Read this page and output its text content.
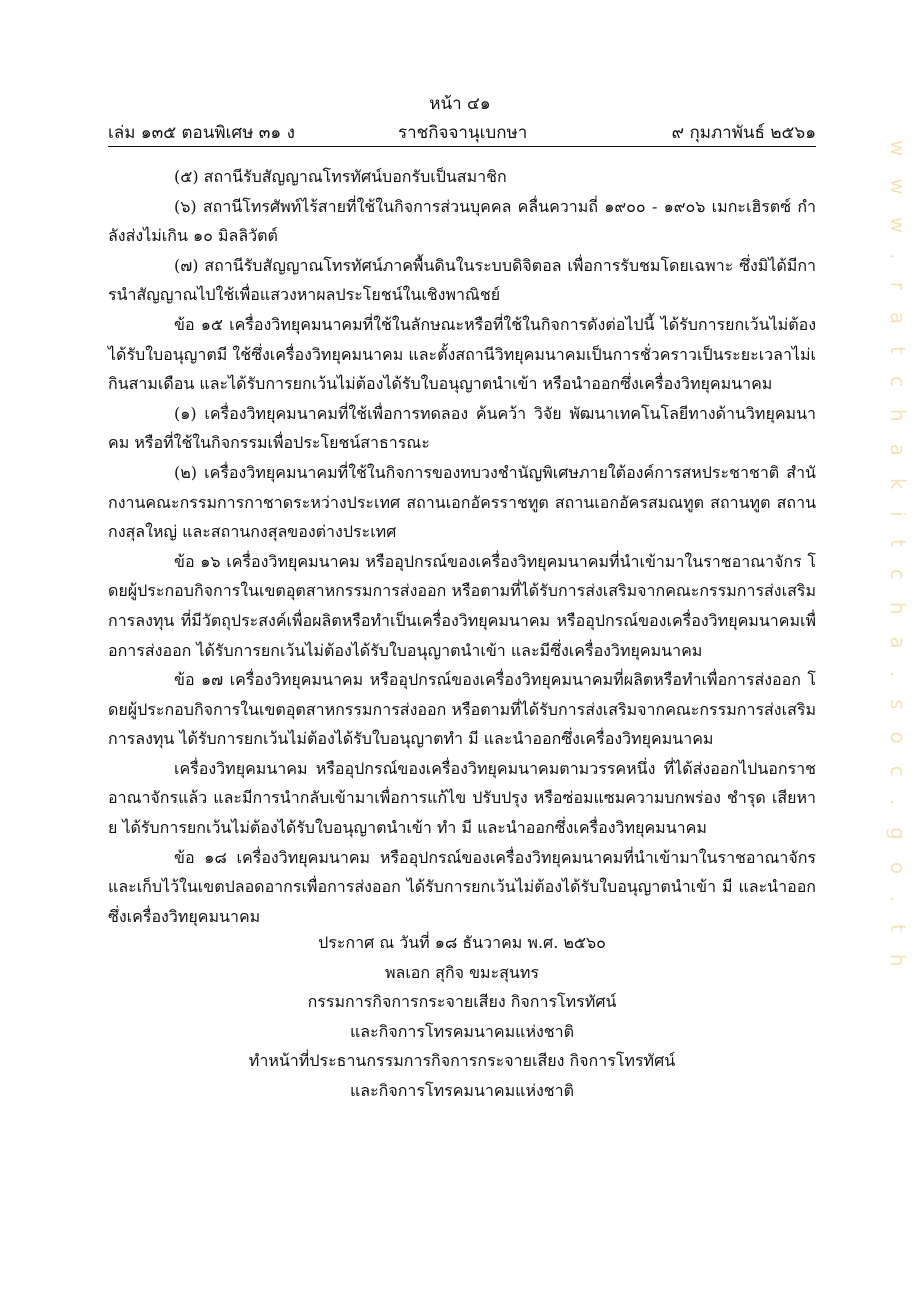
หน้า ๔๑
เล่ม ๑๓๕ ตอนพิเศษ ๓๑ ง	ราชกิจจานุเบกษา	๙ กุมภาพันธ์ ๒๕๖๑

(๕) สถานีรับสัญญาณโทรทัศน์บอกรับเป็นสมาชิก

(๖) สถานีโทรศัพท์ไร้สายที่ใช้ในกิจการส่วนบุคคล คลื่นความถี่ ๑๙๐๐ - ๑๙๐๖ เมกะเฮิรตซ์ กำลังส่งไม่เกิน ๑๐ มิลลิวัตต์

(๗) สถานีรับสัญญาณโทรทัศน์ภาคพื้นดินในระบบดิจิตอล เพื่อการรับชมโดยเฉพาะ ซึ่งมิได้มีการนำสัญญาณไปใช้เพื่อแสวงหาผลประโยชน์ในเชิงพาณิชย์

ข้อ ๑๕ เครื่องวิทยุคมนาคมที่ใช้ในลักษณะหรือที่ใช้ในกิจการดังต่อไปนี้ ได้รับการยกเว้นไม่ต้องได้รับใบอนุญาตมี ใช้ซึ่งเครื่องวิทยุคมนาคม และตั้งสถานีวิทยุคมนาคมเป็นการชั่วคราวเป็นระยะเวลาไม่เกินสามเดือน และได้รับการยกเว้นไม่ต้องได้รับใบอนุญาตนำเข้า หรือนำออกซึ่งเครื่องวิทยุคมนาคม

(๑) เครื่องวิทยุคมนาคมที่ใช้เพื่อการทดลอง ค้นคว้า วิจัย พัฒนาเทคโนโลยีทางด้านวิทยุคมนาคม หรือที่ใช้ในกิจกรรมเพื่อประโยชน์สาธารณะ

(๒) เครื่องวิทยุคมนาคมที่ใช้ในกิจการของทบวงชำนัญพิเศษภายใต้องค์การสหประชาชาติ สำนักงานคณะกรรมการกาชาดระหว่างประเทศ สถานเอกอัครราชทูต สถานเอกอัครสมณทูต สถานทูต สถานกงสุลใหญ่ และสถานกงสุลของต่างประเทศ

ข้อ ๑๖ เครื่องวิทยุคมนาคม หรืออุปกรณ์ของเครื่องวิทยุคมนาคมที่นำเข้ามาในราชอาณาจักร โดยผู้ประกอบกิจการในเขตอุตสาหกรรมการส่งออก หรือตามที่ได้รับการส่งเสริมจากคณะกรรมการส่งเสริมการลงทุน ที่มีวัตถุประสงค์เพื่อผลิตหรือทำเป็นเครื่องวิทยุคมนาคม หรืออุปกรณ์ของเครื่องวิทยุคมนาคมเพื่อการส่งออก ได้รับการยกเว้นไม่ต้องได้รับใบอนุญาตนำเข้า และมีซึ่งเครื่องวิทยุคมนาคม

ข้อ ๑๗ เครื่องวิทยุคมนาคม หรืออุปกรณ์ของเครื่องวิทยุคมนาคมที่ผลิตหรือทำเพื่อการส่งออก โดยผู้ประกอบกิจการในเขตอุตสาหกรรมการส่งออก หรือตามที่ได้รับการส่งเสริมจากคณะกรรมการส่งเสริมการลงทุน ได้รับการยกเว้นไม่ต้องได้รับใบอนุญาตทำ มี และนำออกซึ่งเครื่องวิทยุคมนาคม

เครื่องวิทยุคมนาคม หรืออุปกรณ์ของเครื่องวิทยุคมนาคมตามวรรคหนึ่ง ที่ได้ส่งออกไปนอกราชอาณาจักรแล้ว และมีการนำกลับเข้ามาเพื่อการแก้ไข ปรับปรุง หรือซ่อมแซมความบกพร่อง ชำรุด เสียหาย ได้รับการยกเว้นไม่ต้องได้รับใบอนุญาตนำเข้า ทำ มี และนำออกซึ่งเครื่องวิทยุคมนาคม

ข้อ ๑๘ เครื่องวิทยุคมนาคม หรืออุปกรณ์ของเครื่องวิทยุคมนาคมที่นำเข้ามาในราชอาณาจักร และเก็บไว้ในเขตปลอดอากรเพื่อการส่งออก ได้รับการยกเว้นไม่ต้องได้รับใบอนุญาตนำเข้า มี และนำออกซึ่งเครื่องวิทยุคมนาคม

ประกาศ ณ วันที่ ๑๘ ธันวาคม พ.ศ. ๒๕๖๐
พลเอก สุกิจ ขมะสุนทร
กรรมการกิจการกระจายเสียง กิจการโทรทัศน์
และกิจการโทรคมนาคมแห่งชาติ
ทำหน้าที่ประธานกรรมการกิจการกระจายเสียง กิจการโทรทัศน์
และกิจการโทรคมนาคมแห่งชาติ
www.ratchakitcha.soc.go.th
